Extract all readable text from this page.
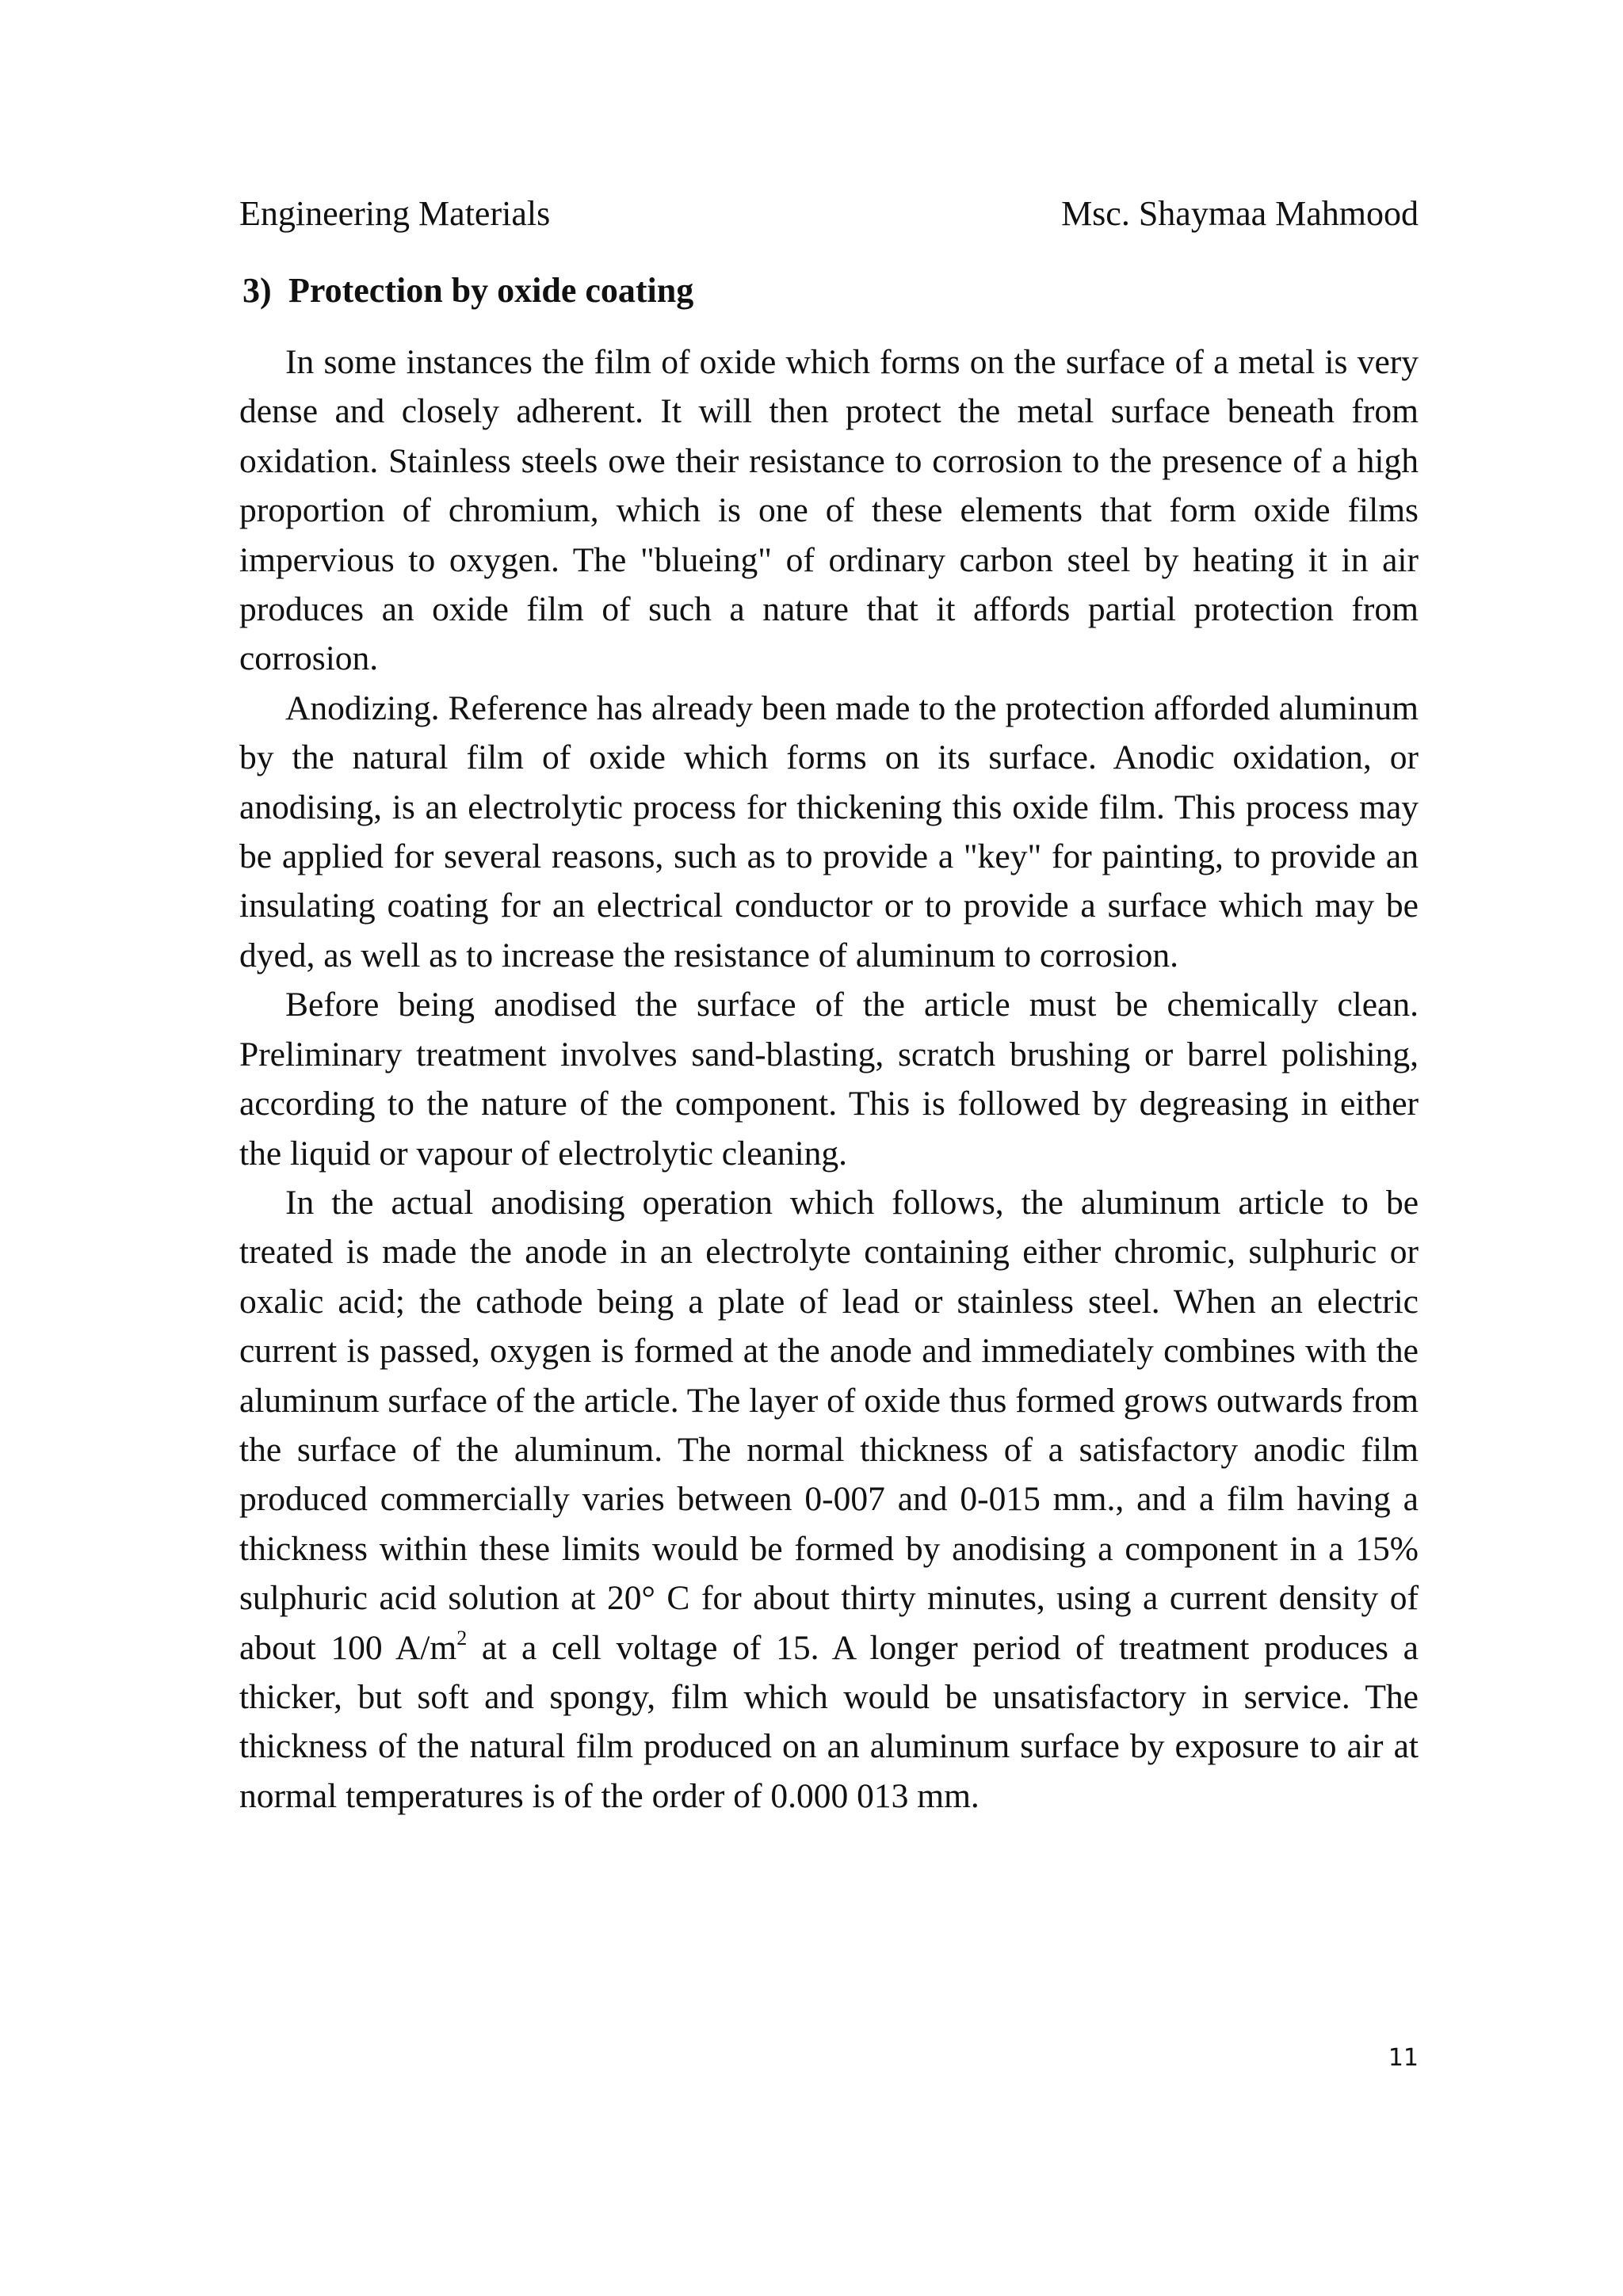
Engineering Materials	Msc. Shaymaa Mahmood
3) Protection by oxide coating

In some instances the film of oxide which forms on the surface of a metal is very dense and closely adherent. It will then protect the metal surface beneath from oxidation. Stainless steels owe their resistance to corrosion to the presence of a high proportion of chromium, which is one of these elements that form oxide films impervious to oxygen. The "blueing" of ordinary carbon steel by heating it in air produces an oxide film of such a nature that it affords partial protection from corrosion.

Anodizing. Reference has already been made to the protection afforded aluminum by the natural film of oxide which forms on its surface. Anodic oxidation, or anodising, is an electrolytic process for thickening this oxide film. This process may be applied for several reasons, such as to provide a "key" for painting, to provide an insulating coating for an electrical conductor or to provide a surface which may be dyed, as well as to increase the resistance of aluminum to corrosion.

Before being anodised the surface of the article must be chemically clean. Preliminary treatment involves sand-blasting, scratch brushing or barrel polishing, according to the nature of the component. This is followed by degreasing in either the liquid or vapour of electrolytic cleaning.

In the actual anodising operation which follows, the aluminum article to be treated is made the anode in an electrolyte containing either chromic, sulphuric or oxalic acid; the cathode being a plate of lead or stainless steel. When an electric current is passed, oxygen is formed at the anode and immediately combines with the aluminum surface of the article. The layer of oxide thus formed grows outwards from the surface of the aluminum. The normal thickness of a satisfactory anodic film produced commercially varies between 0-007 and 0-015 mm., and a film having a thickness within these limits would be formed by anodising a component in a 15% sulphuric acid solution at 20° C for about thirty minutes, using a current density of about 100 $A/m^2$ at a cell voltage of 15. A longer period of treatment produces a thicker, but soft and spongy, film which would be unsatisfactory in service. The thickness of the natural film produced on an aluminum surface by exposure to air at normal temperatures is of the order of 0.000 013 mm.

11
